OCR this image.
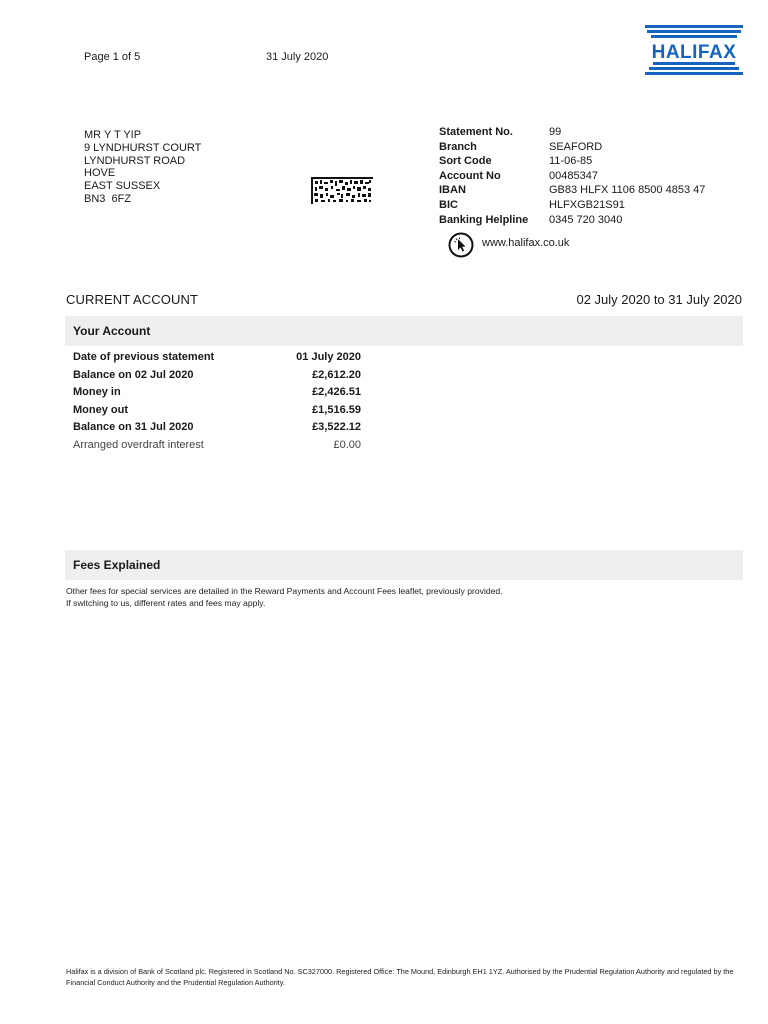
Page 1 of 5	31 July 2020	HALIFAX
MR Y T YIP
9 LYNDHURST COURT
LYNDHURST ROAD
HOVE
EAST SUSSEX
BN3  6FZ
Statement No.	99
Branch	SEAFORD
Sort Code	11-06-85
Account No	00485347
IBAN	GB83 HLFX 1106 8500 4853 47
BIC	HLFXGB21S91
Banking Helpline	0345 720 3040
www.halifax.co.uk
CURRENT ACCOUNT	02 July 2020 to 31 July 2020
Your Account
Date of previous statement	01 July 2020
Balance on 02 Jul 2020	£2,612.20
Money in	£2,426.51
Money out	£1,516.59
Balance on 31 Jul 2020	£3,522.12
Arranged overdraft interest	£0.00
Fees Explained
Other fees for special services are detailed in the Reward Payments and Account Fees leaflet, previously provided.
If switching to us, different rates and fees may apply.
Halifax is a division of Bank of Scotland plc. Registered in Scotland No. SC327000. Registered Office: The Mound, Edinburgh EH1 1YZ. Authorised by the Prudential Regulation Authority and regulated by the Financial Conduct Authority and the Prudential Regulation Authority.
